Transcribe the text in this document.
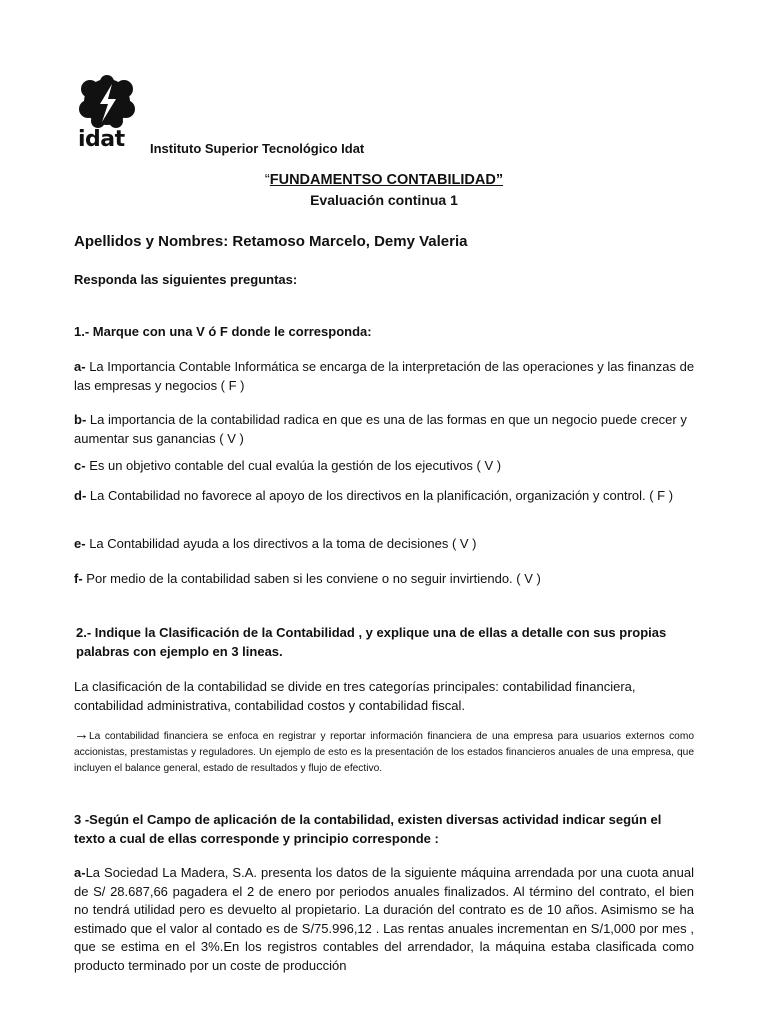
idat Instituto Superior Tecnológico Idat
“FUNDAMENTSO CONTABILIDAD”
Evaluación continua 1
Apellidos y Nombres: Retamoso Marcelo, Demy Valeria
Responda las siguientes preguntas:
1.- Marque con una V ó F donde le corresponda:
a- La Importancia Contable Informática se encarga de la interpretación de las operaciones y las finanzas de las empresas y negocios ( F )
b- La importancia de la contabilidad radica en que es una de las formas en que un negocio puede crecer y aumentar sus ganancias ( V )
c- Es un objetivo contable del cual evalúa la gestión de los ejecutivos ( V )
d- La Contabilidad no favorece al apoyo de los directivos en la planificación, organización y control. ( F )
e- La Contabilidad ayuda a los directivos a la toma de decisiones ( V )
f- Por medio de la contabilidad saben si les conviene o no seguir invirtiendo. ( V )
2.- Indique la Clasificación de la Contabilidad , y explique una de ellas a detalle con sus propias palabras con ejemplo en 3 lineas.
La clasificación de la contabilidad se divide en tres categorías principales: contabilidad financiera, contabilidad administrativa, contabilidad costos y contabilidad fiscal.
→La contabilidad financiera se enfoca en registrar y reportar información financiera de una empresa para usuarios externos como accionistas, prestamistas y reguladores. Un ejemplo de esto es la presentación de los estados financieros anuales de una empresa, que incluyen el balance general, estado de resultados y flujo de efectivo.
3 -Según el Campo de aplicación de la contabilidad, existen diversas actividad indicar según el texto a cual de ellas corresponde y principio corresponde :
a-La Sociedad La Madera, S.A. presenta los datos de la siguiente máquina arrendada por una cuota anual de S/ 28.687,66 pagadera el 2 de enero por periodos anuales finalizados. Al término del contrato, el bien no tendrá utilidad pero es devuelto al propietario. La duración del contrato es de 10 años. Asimismo se ha estimado que el valor al contado es de S/75.996,12 . Las rentas anuales incrementan en S/1,000 por mes , que se estima en el 3%.En los registros contables del arrendador, la máquina estaba clasificada como producto terminado por un coste de producción
